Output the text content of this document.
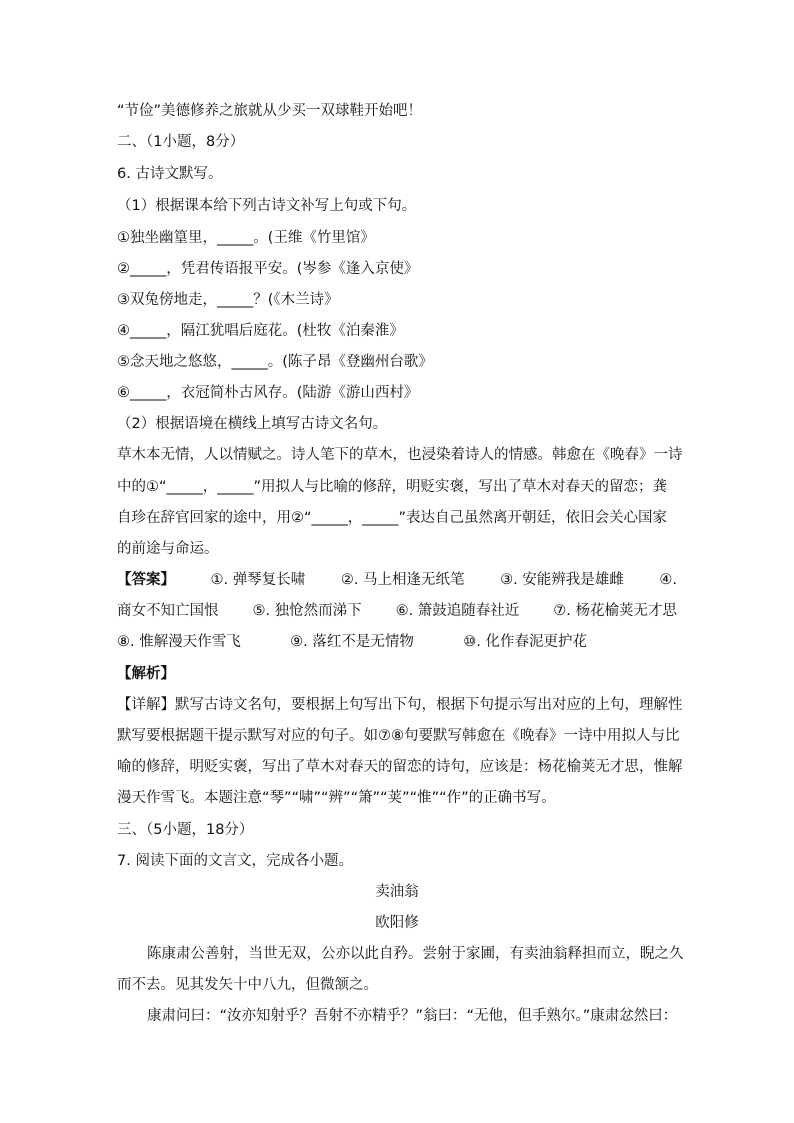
“节俭”美德修养之旅就从少买一双球鞋开始吧！
二、（1小题，8分）
6. 古诗文默写。
（1）根据课本给下列古诗文补写上句或下句。
①独坐幽篁里，_____。(王维《竹里馆》
②_____，凭君传语报平安。(岑参《逢入京使》
③双兔傍地走，_____？(《木兰诗》
④_____，隔江犹唱后庭花。(杜牧《泊秦淮》
⑤念天地之悠悠，_____。(陈子昂《登幽州台歌》
⑥_____，衣冠简朴古风存。(陆游《游山西村》
（2）根据语境在横线上填写古诗文名句。
草木本无情，人以情赋之。诗人笔下的草木，也浸染着诗人的情感。韩愈在《晚春》一诗
中的①“_____，_____”用拟人与比喻的修辞，明贬实褒，写出了草木对春天的留恋；龚
自珍在辞官回家的途中，用②“_____，_____”表达自己虽然离开朝廷，依旧会关心国家
的前途与命运。
【答案】 ①. 弹琴复长啸 ②. 马上相逢无纸笔 ③. 安能辨我是雄雌 ④.
商女不知亡国恨 ⑤. 独怆然而涕下 ⑥. 箫鼓追随春社近 ⑦. 杨花榆荚无才思
⑧. 惟解漫天作雪飞	⑨. 落红不是无情物	⑩. 化作春泥更护花
【解析】
【详解】默写古诗文名句，要根据上句写出下句，根据下句提示写出对应的上句，理解性
默写要根据题干提示默写对应的句子。如⑦⑧句要默写韩愈在《晚春》一诗中用拟人与比
喻的修辞，明贬实褒，写出了草木对春天的留恋的诗句，应该是：杨花榆荚无才思，惟解
漫天作雪飞。本题注意“琴”“啸”“辨”“箫”“荚”“惟”“作”的正确书写。
三、（5小题，18分）
7. 阅读下面的文言文，完成各小题。
卖油翁
欧阳修
陈康肃公善射，当世无双，公亦以此自矜。尝射于家圃，有卖油翁释担而立，睨之久
而不去。见其发矢十中八九，但微颔之。
康肃问曰：“汝亦知射乎？吾射不亦精乎？”翁曰：“无他，但手熟尔。”康肃忿然曰：
